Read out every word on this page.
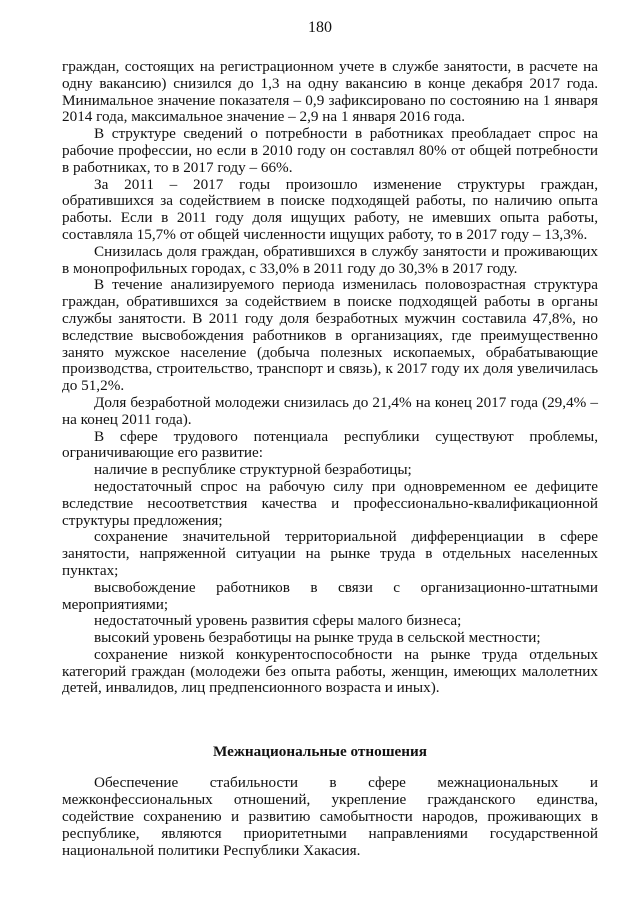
180

граждан, состоящих на регистрационном учете в службе занятости, в расчете на одну вакансию) снизился до 1,3 на одну вакансию в конце декабря 2017 года. Минимальное значение показателя – 0,9 зафиксировано по состоянию на 1 января 2014 года, максимальное значение – 2,9 на 1 января 2016 года.

В структуре сведений о потребности в работниках преобладает спрос на рабочие профессии, но если в 2010 году он составлял 80% от общей потребности в работниках, то в 2017 году – 66%.

За 2011 – 2017 годы произошло изменение структуры граждан, обратившихся за содействием в поиске подходящей работы, по наличию опыта работы. Если в 2011 году доля ищущих работу, не имевших опыта работы, составляла 15,7% от общей численности ищущих работу, то в 2017 году – 13,3%.

Снизилась доля граждан, обратившихся в службу занятости и проживающих в монопрофильных городах, с 33,0% в 2011 году до 30,3% в 2017 году.

В течение анализируемого периода изменилась половозрастная структура граждан, обратившихся за содействием в поиске подходящей работы в органы службы занятости. В 2011 году доля безработных мужчин составила 47,8%, но вследствие высвобождения работников в организациях, где преимущественно занято мужское население (добыча полезных ископаемых, обрабатывающие производства, строительство, транспорт и связь), к 2017 году их доля увеличилась до 51,2%.

Доля безработной молодежи снизилась до 21,4% на конец 2017 года (29,4% – на конец 2011 года).

В сфере трудового потенциала республики существуют проблемы, ограничивающие его развитие:

наличие в республике структурной безработицы;

недостаточный спрос на рабочую силу при одновременном ее дефиците вследствие несоответствия качества и профессионально-квалификационной структуры предложения;

сохранение значительной территориальной дифференциации в сфере занятости, напряженной ситуации на рынке труда в отдельных населенных пунктах;

высвобождение работников в связи с организационно-штатными мероприятиями;

недостаточный уровень развития сферы малого бизнеса;

высокий уровень безработицы на рынке труда в сельской местности;

сохранение низкой конкурентоспособности на рынке труда отдельных категорий граждан (молодежи без опыта работы, женщин, имеющих малолетних детей, инвалидов, лиц предпенсионного возраста и иных).

Межнациональные отношения

Обеспечение стабильности в сфере межнациональных и межконфессиональных отношений, укрепление гражданского единства, содействие сохранению и развитию самобытности народов, проживающих в республике, являются приоритетными направлениями государственной национальной политики Республики Хакасия.
